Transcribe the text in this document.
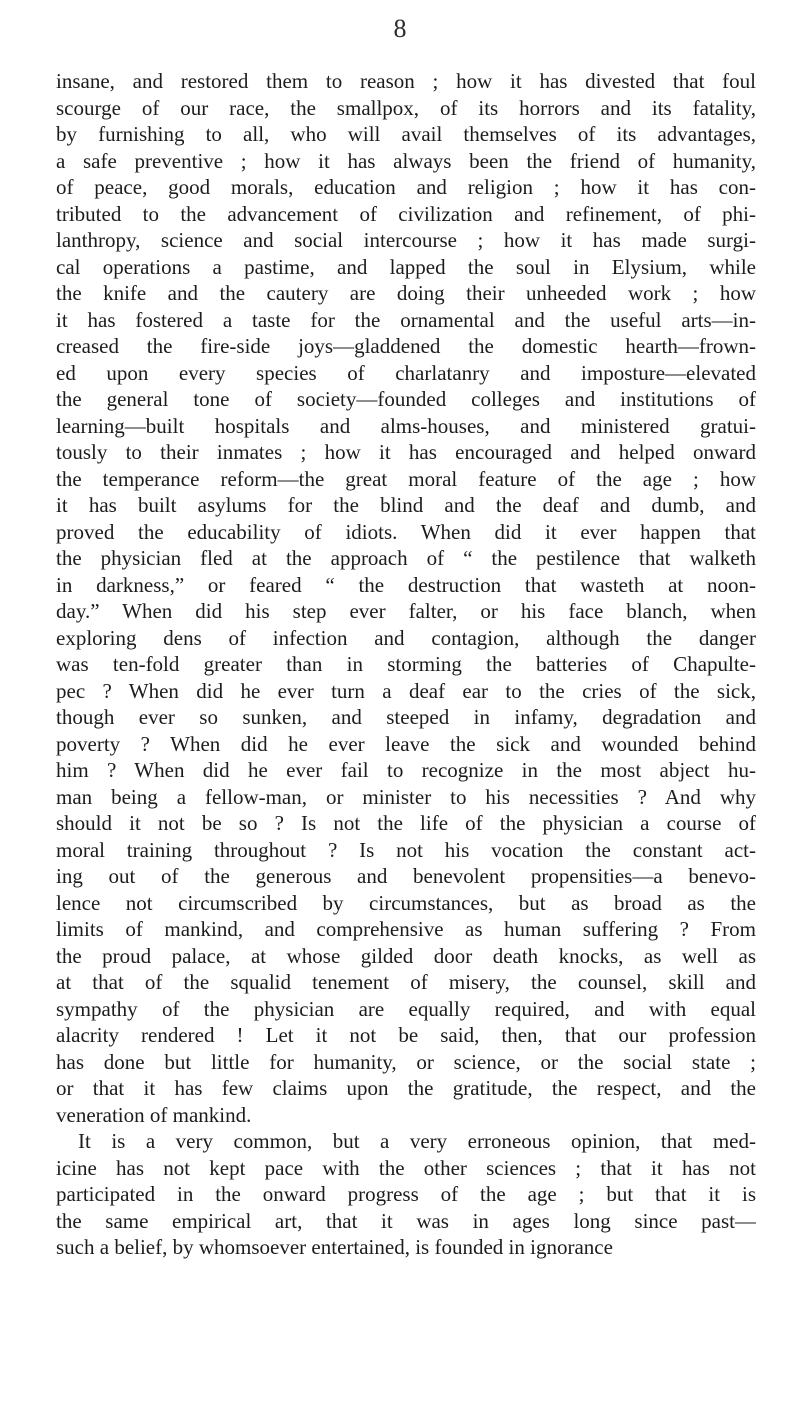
8
insane, and restored them to reason ; how it has divested that foul
scourge of our race, the smallpox, of its horrors and its fatality,
by furnishing to all, who will avail themselves of its advantages,
a safe preventive ; how it has always been the friend of humanity,
of peace, good morals, education and religion ; how it has con-
tributed to the advancement of civilization and refinement, of phi-
lanthropy, science and social intercourse ; how it has made surgi-
cal operations a pastime, and lapped the soul in Elysium, while
the knife and the cautery are doing their unheeded work ; how
it has fostered a taste for the ornamental and the useful arts—in-
creased the fire-side joys—gladdened the domestic hearth—frown-
ed upon every species of charlatanry and imposture—elevated
the general tone of society—founded colleges and institutions of
learning—built hospitals and alms-houses, and ministered gratui-
tously to their inmates ; how it has encouraged and helped onward
the temperance reform—the great moral feature of the age ; how
it has built asylums for the blind and the deaf and dumb, and
proved the educability of idiots. When did it ever happen that
the physician fled at the approach of “ the pestilence that walketh
in darkness,” or feared “ the destruction that wasteth at noon-
day.” When did his step ever falter, or his face blanch, when
exploring dens of infection and contagion, although the danger
was ten-fold greater than in storming the batteries of Chapulte-
pec ? When did he ever turn a deaf ear to the cries of the sick,
though ever so sunken, and steeped in infamy, degradation and
poverty ? When did he ever leave the sick and wounded behind
him ? When did he ever fail to recognize in the most abject hu-
man being a fellow-man, or minister to his necessities ? And why
should it not be so ? Is not the life of the physician a course of
moral training throughout ? Is not his vocation the constant act-
ing out of the generous and benevolent propensities—a benevo-
lence not circumscribed by circumstances, but as broad as the
limits of mankind, and comprehensive as human suffering ? From
the proud palace, at whose gilded door death knocks, as well as
at that of the squalid tenement of misery, the counsel, skill and
sympathy of the physician are equally required, and with equal
alacrity rendered ! Let it not be said, then, that our profession
has done but little for humanity, or science, or the social state ;
or that it has few claims upon the gratitude, the respect, and the
veneration of mankind.
It is a very common, but a very erroneous opinion, that med-
icine has not kept pace with the other sciences ; that it has not
participated in the onward progress of the age ; but that it is
the same empirical art, that it was in ages long since past—
such a belief, by whomsoever entertained, is founded in ignorance
